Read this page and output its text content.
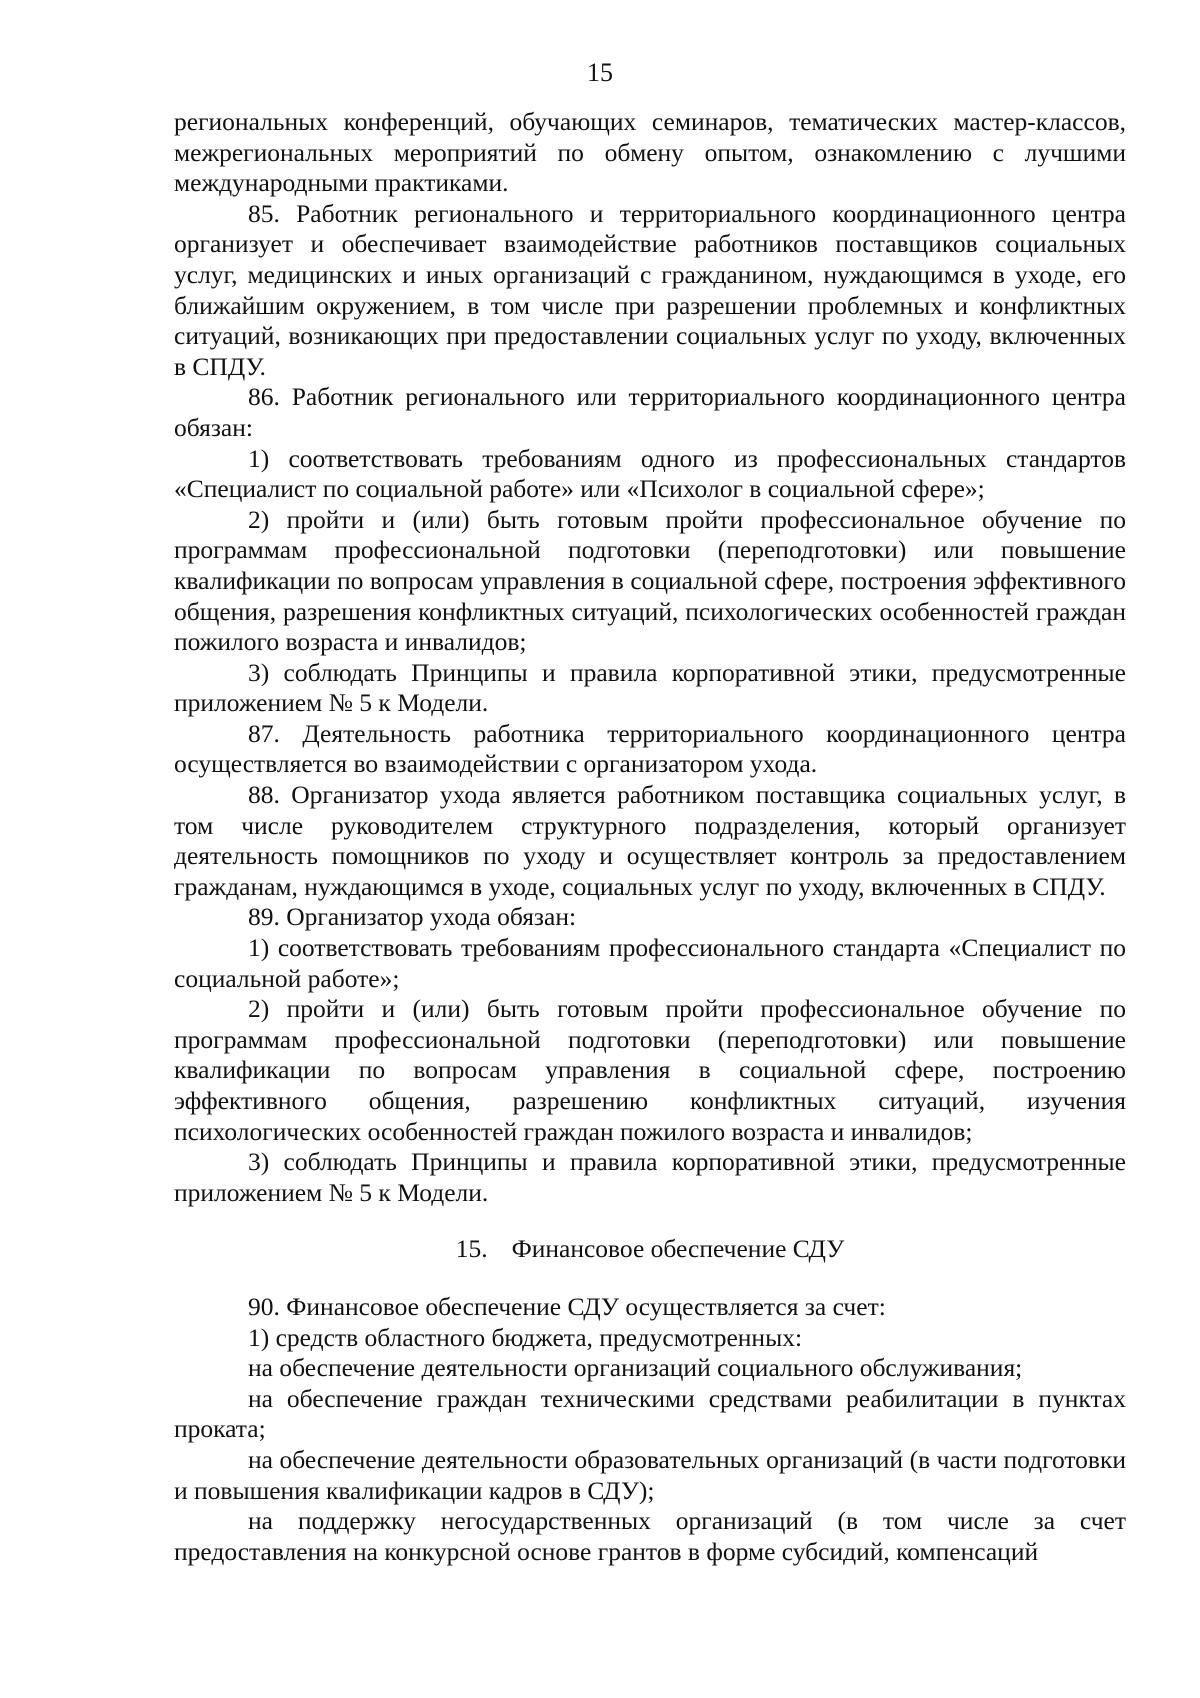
15

региональных конференций, обучающих семинаров, тематических мастер-классов, межрегиональных мероприятий по обмену опытом, ознакомлению с лучшими международными практиками.

85. Работник регионального и территориального координационного центра организует и обеспечивает взаимодействие работников поставщиков социальных услуг, медицинских и иных организаций с гражданином, нуждающимся в уходе, его ближайшим окружением, в том числе при разрешении проблемных и конфликтных ситуаций, возникающих при предоставлении социальных услуг по уходу, включенных в СПДУ.

86. Работник регионального или территориального координационного центра обязан:

1) соответствовать требованиям одного из профессиональных стандартов «Специалист по социальной работе» или «Психолог в социальной сфере»;

2) пройти и (или) быть готовым пройти профессиональное обучение по программам профессиональной подготовки (переподготовки) или повышение квалификации по вопросам управления в социальной сфере, построения эффективного общения, разрешения конфликтных ситуаций, психологических особенностей граждан пожилого возраста и инвалидов;

3) соблюдать Принципы и правила корпоративной этики, предусмотренные приложением № 5 к Модели.

87. Деятельность работника территориального координационного центра осуществляется во взаимодействии с организатором ухода.

88. Организатор ухода является работником поставщика социальных услуг, в том числе руководителем структурного подразделения, который организует деятельность помощников по уходу и осуществляет контроль за предоставлением гражданам, нуждающимся в уходе, социальных услуг по уходу, включенных в СПДУ.

89. Организатор ухода обязан:

1) соответствовать требованиям профессионального стандарта «Специалист по социальной работе»;

2) пройти и (или) быть готовым пройти профессиональное обучение по программам профессиональной подготовки (переподготовки) или повышение квалификации по вопросам управления в социальной сфере, построению эффективного общения, разрешению конфликтных ситуаций, изучения психологических особенностей граждан пожилого возраста и инвалидов;

3) соблюдать Принципы и правила корпоративной этики, предусмотренные приложением № 5 к Модели.

15. Финансовое обеспечение СДУ

90. Финансовое обеспечение СДУ осуществляется за счет:

1) средств областного бюджета, предусмотренных:

на обеспечение деятельности организаций социального обслуживания;

на обеспечение граждан техническими средствами реабилитации в пунктах проката;

на обеспечение деятельности образовательных организаций (в части подготовки и повышения квалификации кадров в СДУ);

на поддержку негосударственных организаций (в том числе за счет предоставления на конкурсной основе грантов в форме субсидий, компенсаций
